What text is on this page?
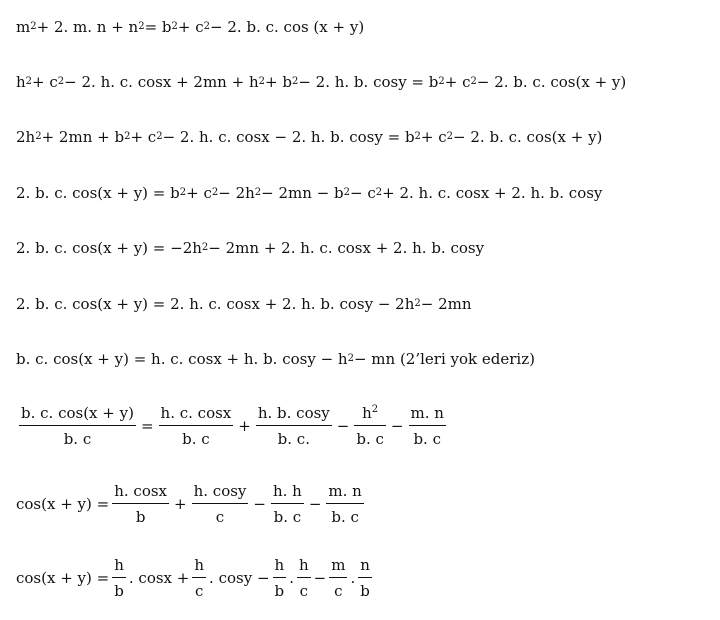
m 2 + 2. m. n + n 2 = b 2 + c 2 − 2. b. c. cos (x + y)
h 2 + c 2 − 2. h. c. cosx + 2mn + h 2 + b 2 − 2. h. b. cosy = b 2 + c 2 − 2. b. c. cos(x + y)
2h 2 + 2mn + b 2 + c 2 − 2. h. c. cosx − 2. h. b. cosy = b 2 + c 2 − 2. b. c. cos(x + y)
2. b. c. cos(x + y) = b 2 + c 2 − 2h 2 − 2mn − b 2 − c 2 + 2. h. c. cosx + 2. h. b. cosy
2. b. c. cos(x + y) = −2h 2 − 2mn + 2. h. c. cosx + 2. h. b. cosy
2. b. c. cos(x + y) = 2. h. c. cosx + 2. h. b. cosy − 2h 2 − 2mn
b. c. cos(x + y) = h. c. cosx + h. b. cosy − h 2 − mn (2’leri yok ederiz)
$\frac{b. c. \cos(x + y)}{b. c} = \frac{h. c. \cos x}{b. c} + \frac{h. b. \cos y}{b. c.} - \frac{h^2}{b. c} - \frac{m. n}{b. c}$
$\cos(x + y) = \frac{h. \cos x}{b} + \frac{h. \cos y}{c} - \frac{h. h}{b. c} - \frac{m. n}{b. c}$
$\cos(x + y) = \frac{h}{b}$ . $\cos x + \frac{h}{c}$ . $\cos y - \frac{h}{b}$ . $\frac{h}{c} - \frac{m}{c}$ . $\frac{n}{b}$
